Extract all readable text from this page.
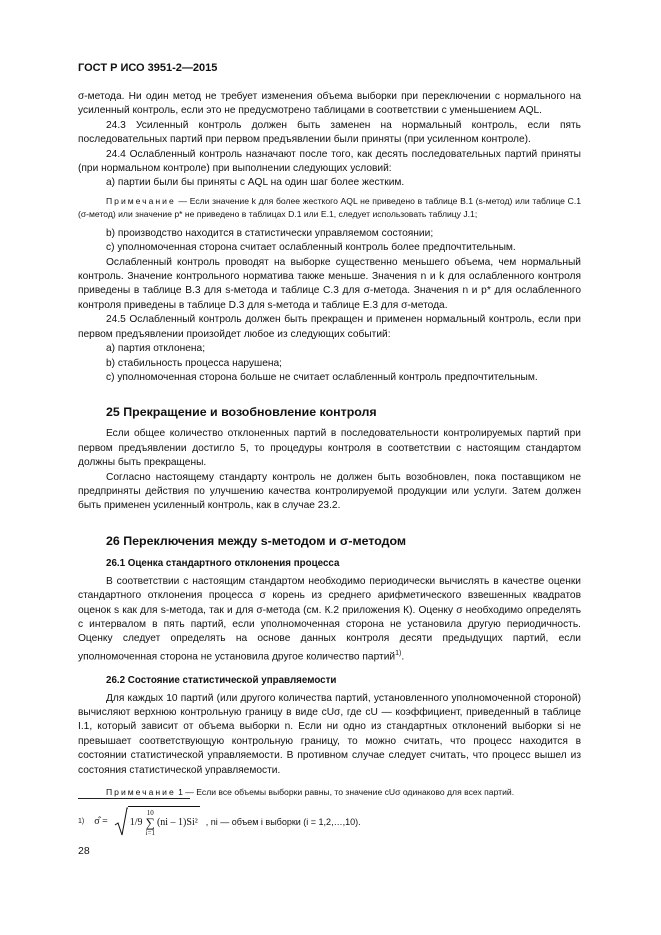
ГОСТ Р ИСО 3951-2—2015

σ-метода. Ни один метод не требует изменения объема выборки при переключении с нормального на усиленный контроль, если это не предусмотрено таблицами в соответствии с уменьшением AQL.

24.3 Усиленный контроль должен быть заменен на нормальный контроль, если пять последовательных партий при первом предъявлении были приняты (при усиленном контроле).

24.4 Ослабленный контроль назначают после того, как десять последовательных партий приняты (при нормальном контроле) при выполнении следующих условий:

а) партии были бы приняты с AQL на один шаг более жестким.

Примечание — Если значение k для более жесткого AQL не приведено в таблице В.1 (s-метод) или таблице С.1 (σ-метод) или значение p* не приведено в таблицах D.1 или E.1, следует использовать таблицу J.1;

b) производство находится в статистически управляемом состоянии;

с) уполномоченная сторона считает ослабленный контроль более предпочтительным.

Ослабленный контроль проводят на выборке существенно меньшего объема, чем нормальный контроль. Значение контрольного норматива также меньше. Значения n и k для ослабленного контроля приведены в таблице В.3 для s-метода и таблице С.3 для σ-метода. Значения n и p* для ослабленного контроля приведены в таблице D.3 для s-метода и таблице E.3 для σ-метода.

24.5 Ослабленный контроль должен быть прекращен и применен нормальный контроль, если при первом предъявлении произойдет любое из следующих событий:

а) партия отклонена;

b) стабильность процесса нарушена;

с) уполномоченная сторона больше не считает ослабленный контроль предпочтительным.

25 Прекращение и возобновление контроля

Если общее количество отклоненных партий в последовательности контролируемых партий при первом предъявлении достигло 5, то процедуры контроля в соответствии с настоящим стандартом должны быть прекращены.

Согласно настоящему стандарту контроль не должен быть возобновлен, пока поставщиком не предприняты действия по улучшению качества контролируемой продукции или услуги. Затем должен быть применен усиленный контроль, как в случае 23.2.

26 Переключения между s-методом и σ-методом
26.1 Оценка стандартного отклонения процесса

В соответствии с настоящим стандартом необходимо периодически вычислять в качестве оценки стандартного отклонения процесса σ корень из среднего арифметического взвешенных квадратов оценок s как для s-метода, так и для σ-метода (см. К.2 приложения К). Оценку σ необходимо определять с интервалом в пять партий, если уполномоченная сторона не установила другую периодичность. Оценку следует определять на основе данных контроля десяти предыдущих партий, если уполномоченная сторона не установила другое количество партий$^{1)}$.

26.2 Состояние статистической управляемости

Для каждых 10 партий (или другого количества партий, установленного уполномоченной стороной) вычисляют верхнюю контрольную границу в виде cUσ, где cU — коэффициент, приведенный в таблице I.1, который зависит от объема выборки n. Если ни одно из стандартных отклонений выборки si не превышает соответствующую контрольную границу, то можно считать, что процесс находится в состоянии статистической управляемости. В противном случае следует считать, что процесс вышел из состояния статистической управляемости.

Примечание 1 — Если все объемы выборки равны, то значение cUσ одинаково для всех партий.

1) σ̂ = 1/9
10
∑
i=1
(ni – 1)Si² , ni — объем i выборки (i = 1,2,…,10).
28
